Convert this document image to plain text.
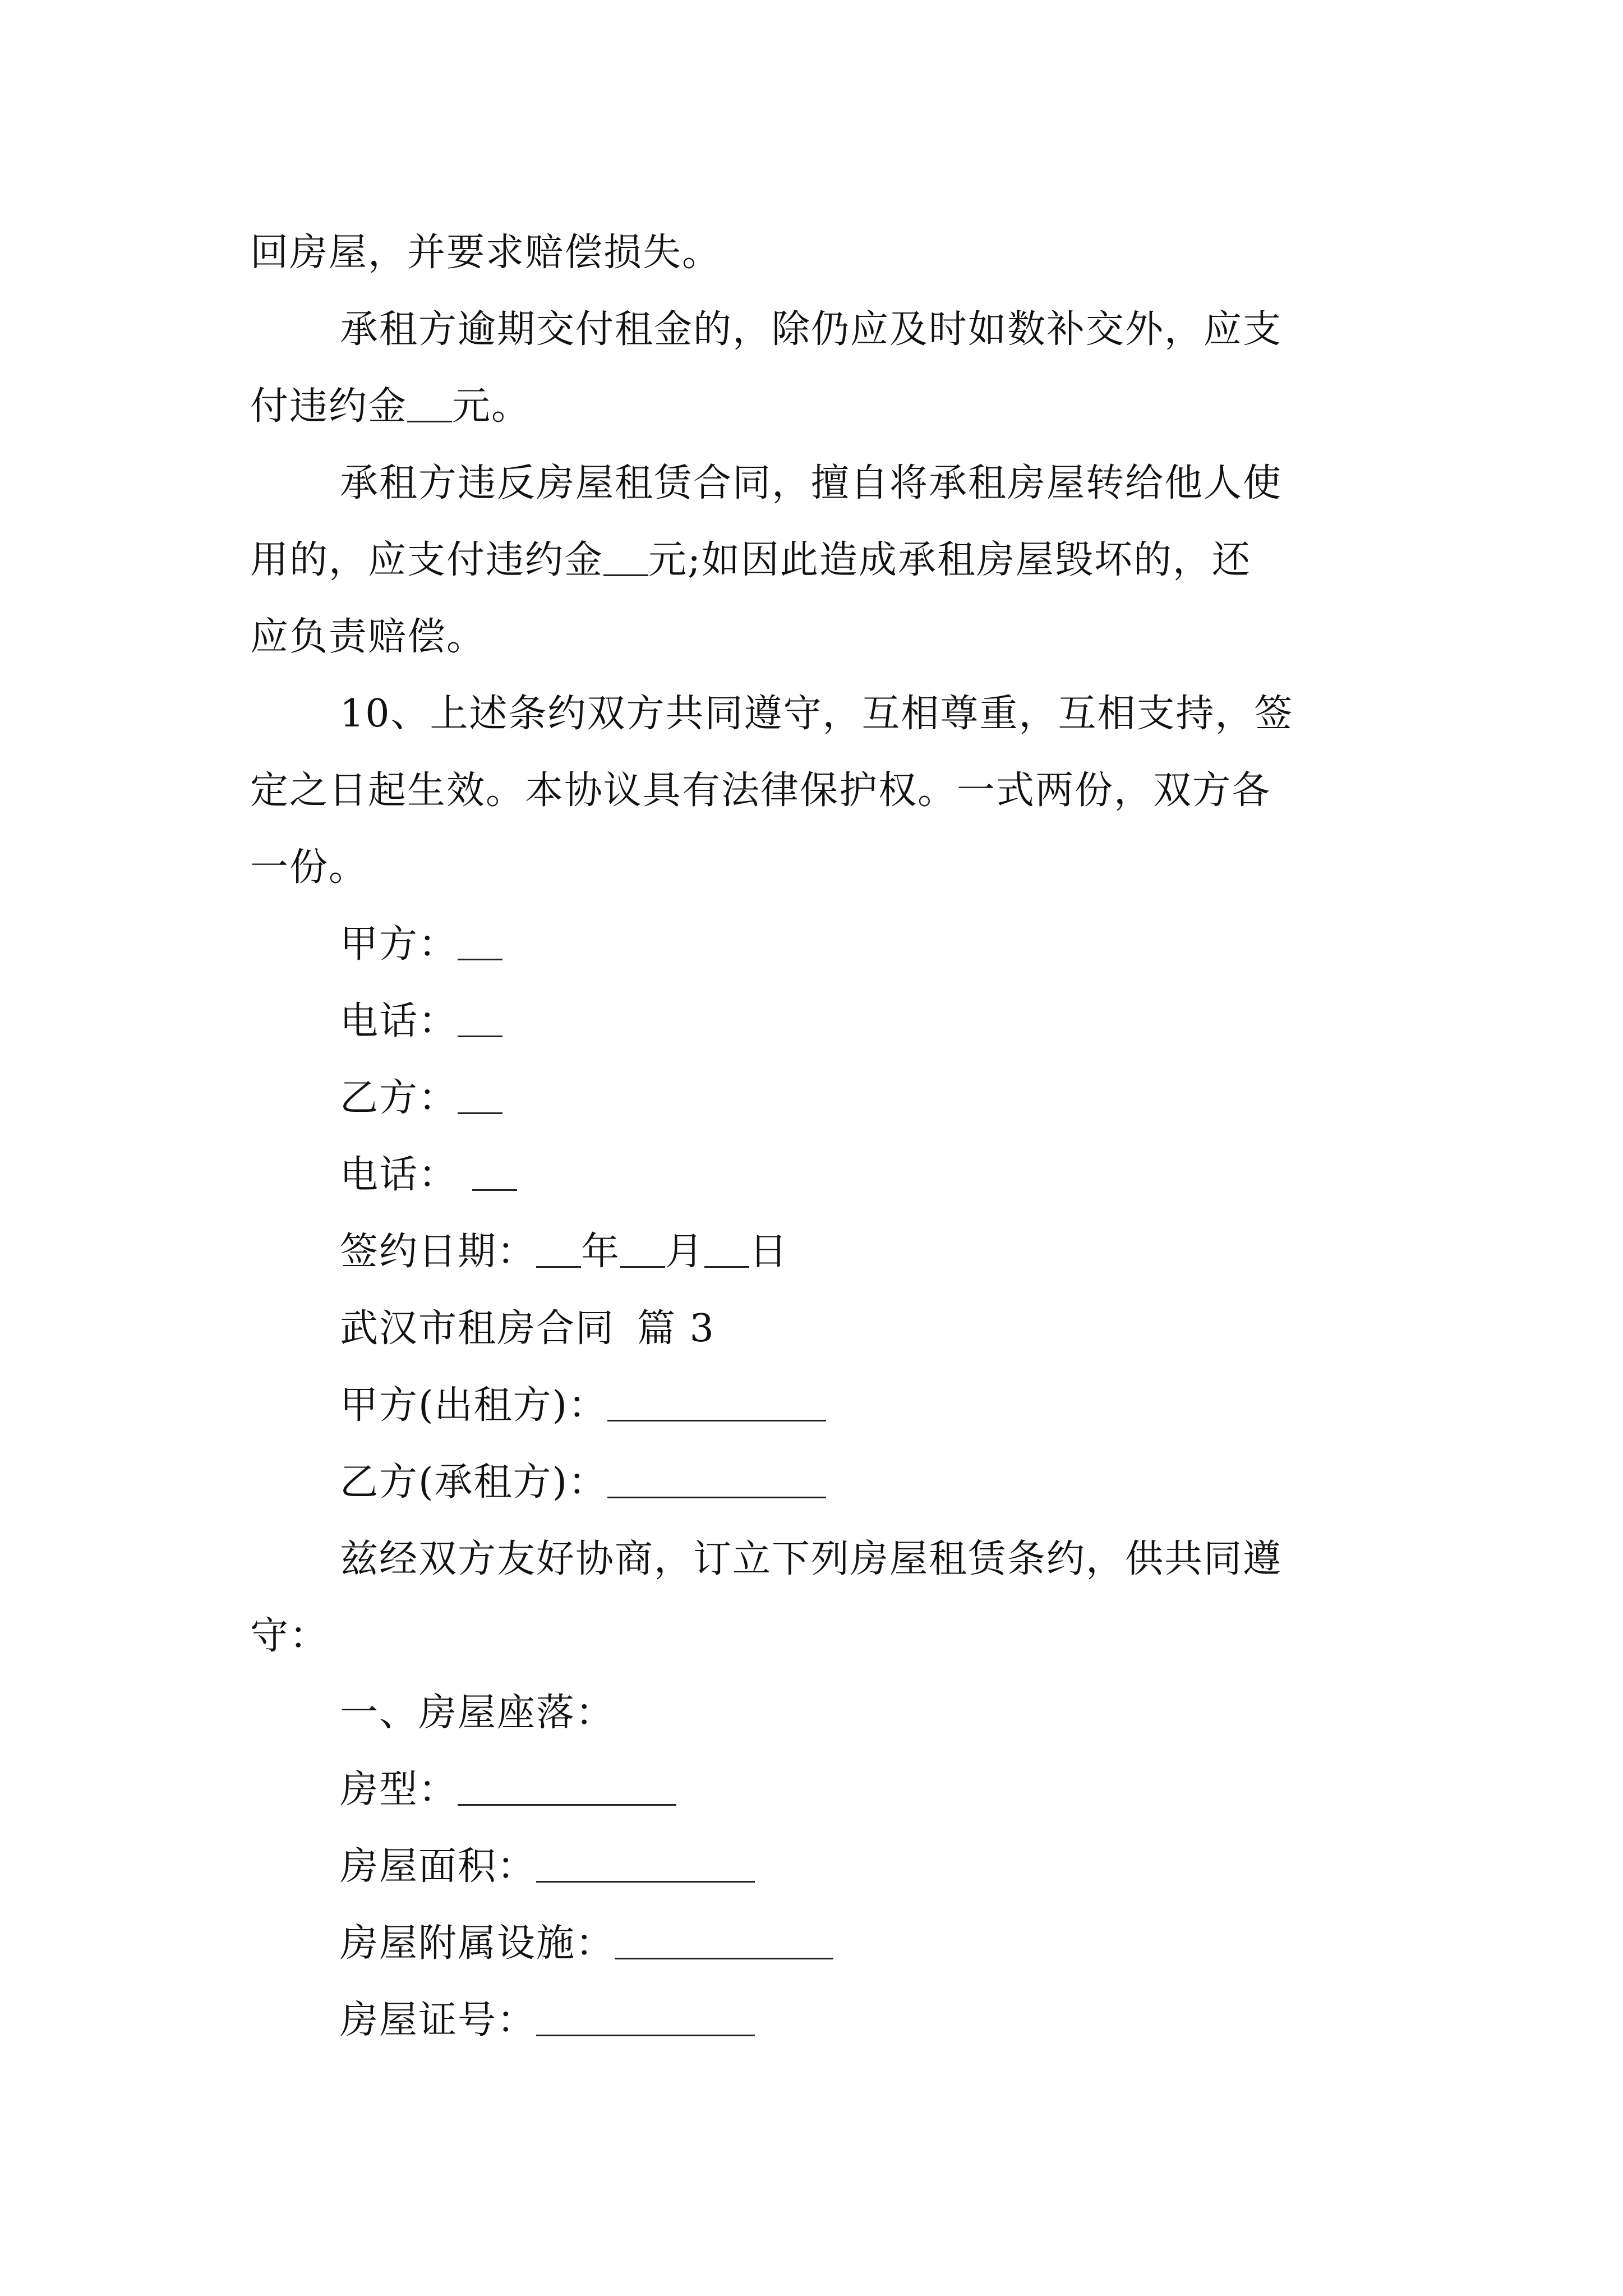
回房屋，并要求赔偿损失。
承租方逾期交付租金的，除仍应及时如数补交外，应支
付违约金 元。
承租方违反房屋租赁合同，擅自将承租房屋转给他人使
用的，应支付违约金 元;如因此造成承租房屋毁坏的，还
应负责赔偿。
10、上述条约双方共同遵守，互相尊重，互相支持，签
定之日起生效。本协议具有法律保护权。一式两份，双方各
一份。
甲方：
电话：
乙方：
电话：
签约日期： 年 月 日
武汉市租房合同 篇 3
甲方(出租方)：
乙方(承租方)：
兹经双方友好协商，订立下列房屋租赁条约，供共同遵
守：
一、房屋座落：
房型：
房屋面积：
房屋附属设施：
房屋证号：
